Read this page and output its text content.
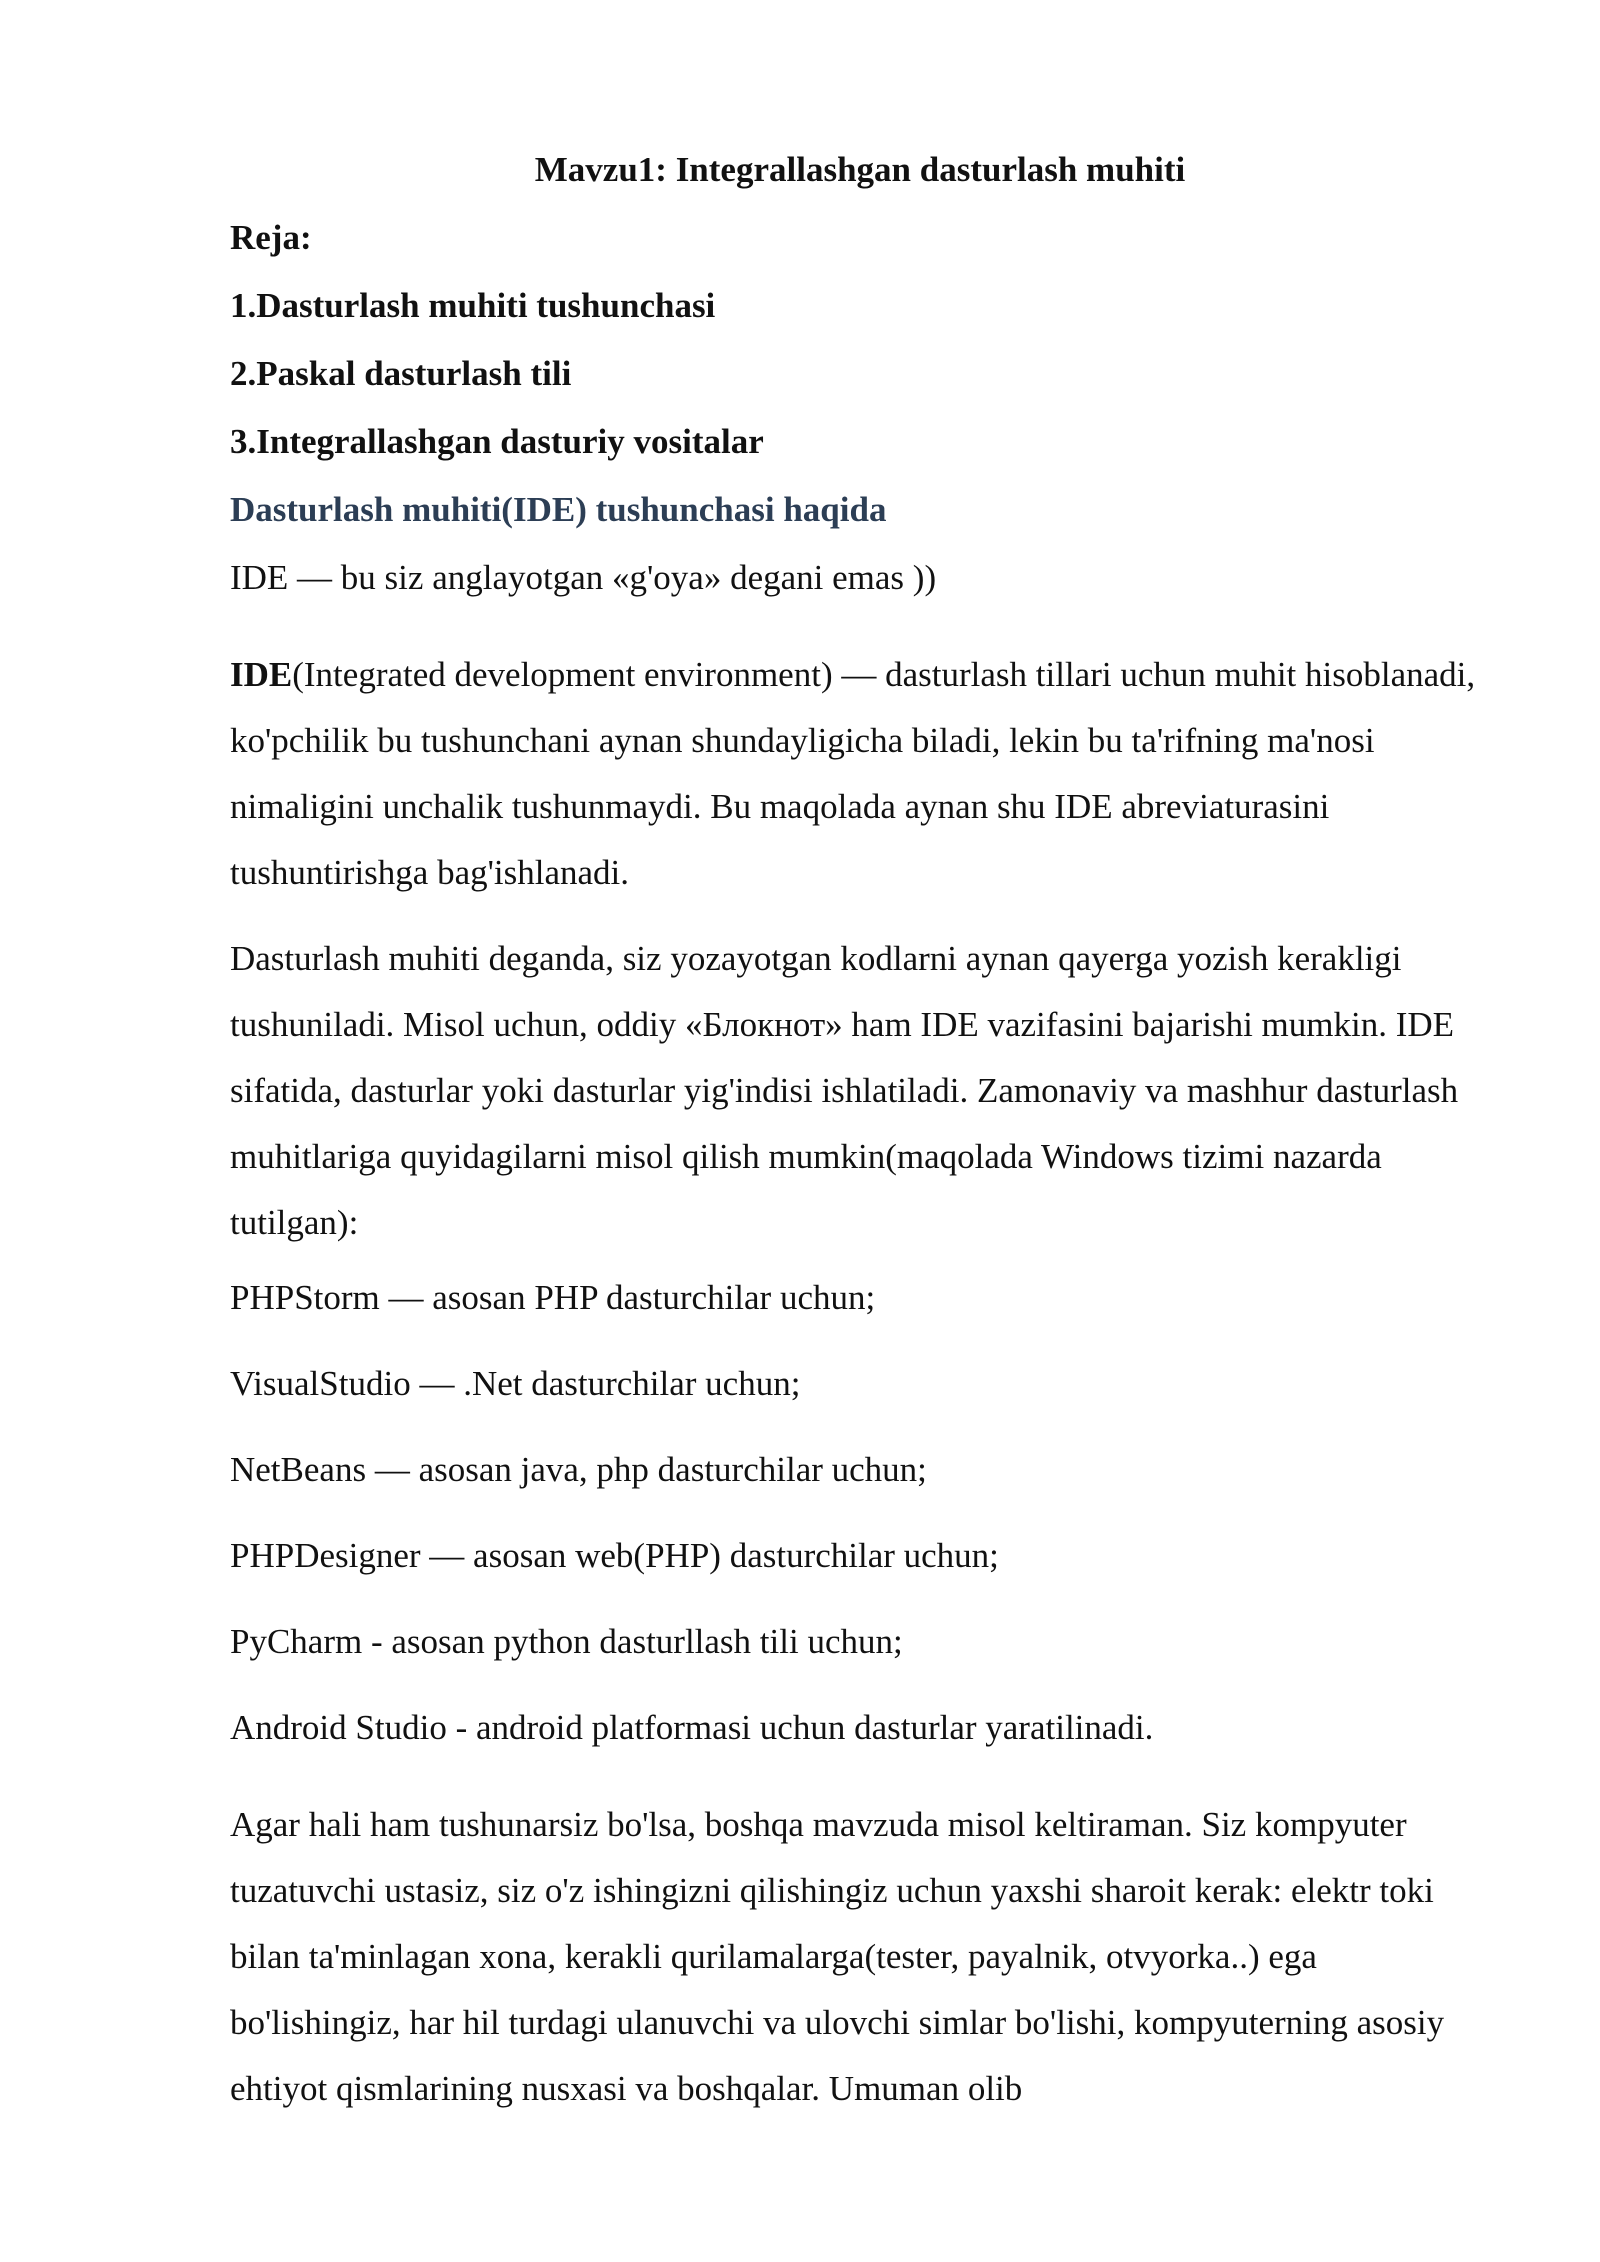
Mavzu1: Integrallashgan dasturlash muhiti
Reja:
1.Dasturlash muhiti tushunchasi
2.Paskal dasturlash tili
3.Integrallashgan dasturiy vositalar
Dasturlash muhiti(IDE) tushunchasi haqida
IDE — bu siz anglayotgan «g'oya» degani emas ))
IDE(Integrated development environment) — dasturlash tillari uchun muhit hisoblanadi, ko'pchilik bu tushunchani aynan shundayligicha biladi, lekin bu ta'rifning ma'nosi nimaligini unchalik tushunmaydi. Bu maqolada aynan shu IDE abreviaturasini tushuntirishga bag'ishlanadi.
Dasturlash muhiti deganda, siz yozayotgan kodlarni aynan qayerga yozish kerakligi tushuniladi. Misol uchun, oddiy «Блокнот» ham IDE vazifasini bajarishi mumkin. IDE sifatida, dasturlar yoki dasturlar yig'indisi ishlatiladi. Zamonaviy va mashhur dasturlash muhitlariga quyidagilarni misol qilish mumkin(maqolada Windows tizimi nazarda tutilgan):
PHPStorm — asosan PHP dasturchilar uchun;
VisualStudio — .Net dasturchilar uchun;
NetBeans — asosan java, php dasturchilar uchun;
PHPDesigner — asosan web(PHP) dasturchilar uchun;
PyCharm - asosan python dasturllash tili uchun;
Android Studio - android platformasi uchun dasturlar yaratilinadi.
Agar hali ham tushunarsiz bo'lsa, boshqa mavzuda misol keltiraman. Siz kompyuter tuzatuvchi ustasiz, siz o'z ishingizni qilishingiz uchun yaxshi sharoit kerak: elektr toki bilan ta'minlagan xona, kerakli qurilamalarga(tester, payalnik, otvyorka..) ega bo'lishingiz, har hil turdagi ulanuvchi va ulovchi simlar bo'lishi, kompyuterning asosiy ehtiyot qismlarining nusxasi va boshqalar. Umuman olib
